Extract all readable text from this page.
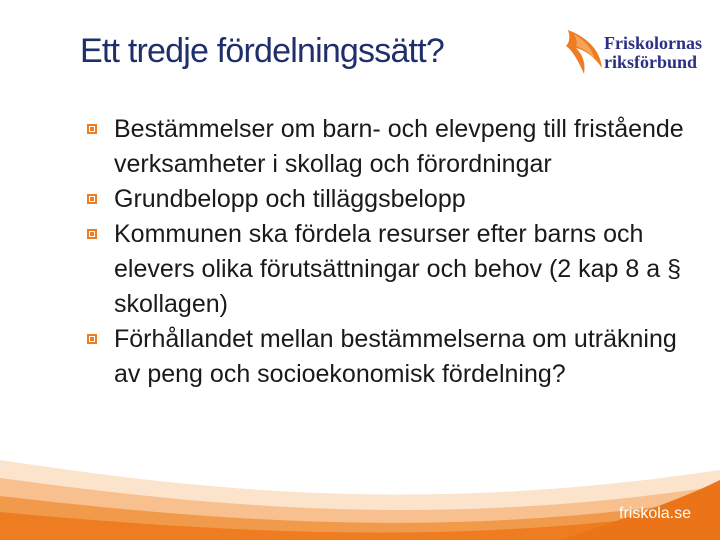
Ett tredje fördelningssätt?	Friskolornas
riksförbund
Bestämmelser om barn- och elevpeng till fristående verksamheter i skollag och förordningar
Grundbelopp och tilläggsbelopp
Kommunen ska fördela resurser efter barns och elevers olika förutsättningar och behov (2 kap 8 a § skollagen)
Förhållandet mellan bestämmelserna om uträkning av peng och socioekonomisk fördelning?
friskola.se
